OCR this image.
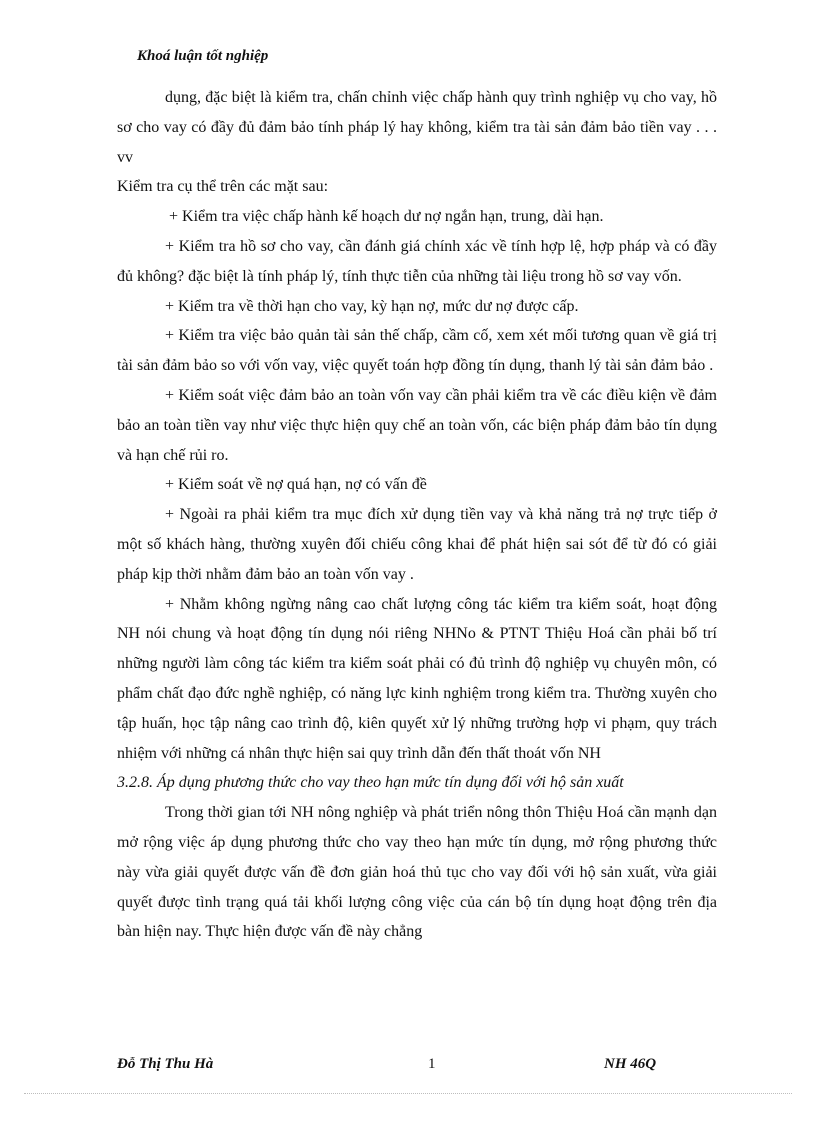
Khoá luận tốt nghiệp

dụng, đặc biệt là kiểm tra, chấn chỉnh việc chấp hành quy trình nghiệp vụ cho vay, hồ sơ cho vay có đầy đủ đảm bảo tính pháp lý hay không, kiểm tra tài sản đảm bảo tiền vay . . . vv

Kiểm tra cụ thể trên các mặt sau:

+ Kiểm tra việc chấp hành kế hoạch dư nợ ngắn hạn, trung, dài hạn.

+ Kiểm tra hồ sơ cho vay, cần đánh giá chính xác về tính hợp lệ, hợp pháp và có đầy đủ không? đặc biệt là tính pháp lý, tính thực tiễn của những tài liệu trong hồ sơ vay vốn.

+ Kiểm tra về thời hạn cho vay, kỳ hạn nợ, mức dư nợ được cấp.

+ Kiểm tra việc bảo quản tài sản thế chấp, cầm cố, xem xét mối tương quan về giá trị tài sản đảm bảo so với vốn vay, việc quyết toán hợp đồng tín dụng, thanh lý tài sản đảm bảo .

+ Kiểm soát việc đảm bảo an toàn vốn vay cần phải kiểm tra về các điều kiện về đảm bảo an toàn tiền vay như việc thực hiện quy chế an toàn vốn, các biện pháp đảm bảo tín dụng và hạn chế rủi ro.

+ Kiểm soát về nợ quá hạn, nợ có vấn đề

+ Ngoài ra phải kiểm tra mục đích xử dụng tiền vay và khả năng trả nợ trực tiếp ở một số khách hàng, thường xuyên đối chiếu công khai để phát hiện sai sót để từ đó có giải pháp kịp thời nhằm đảm bảo an toàn vốn vay .

+ Nhằm không ngừng nâng cao chất lượng công tác kiểm tra kiểm soát, hoạt động NH nói chung và hoạt động tín dụng nói riêng NHNo & PTNT Thiệu Hoá cần phải bố trí những người làm công tác kiểm tra kiểm soát phải có đủ trình độ nghiệp vụ chuyên môn, có phẩm chất đạo đức nghề nghiệp, có năng lực kinh nghiệm trong kiểm tra. Thường xuyên cho tập huấn, học tập nâng cao trình độ, kiên quyết xử lý những trường hợp vi phạm, quy trách nhiệm với những cá nhân thực hiện sai quy trình dẫn đến thất thoát vốn NH

3.2.8. Áp dụng phương thức cho vay theo hạn mức tín dụng đối với hộ sản xuất

Trong thời gian tới NH nông nghiệp và phát triển nông thôn Thiệu Hoá cần mạnh dạn mở rộng việc áp dụng phương thức cho vay theo hạn mức tín dụng, mở rộng phương thức này vừa giải quyết được vấn đề đơn giản hoá thủ tục cho vay đối với hộ sản xuất, vừa giải quyết được tình trạng quá tải khối lượng công việc của cán bộ tín dụng hoạt động trên địa bàn hiện nay. Thực hiện được vấn đề này chẳng

Đỗ Thị Thu Hà	1	NH 46Q
